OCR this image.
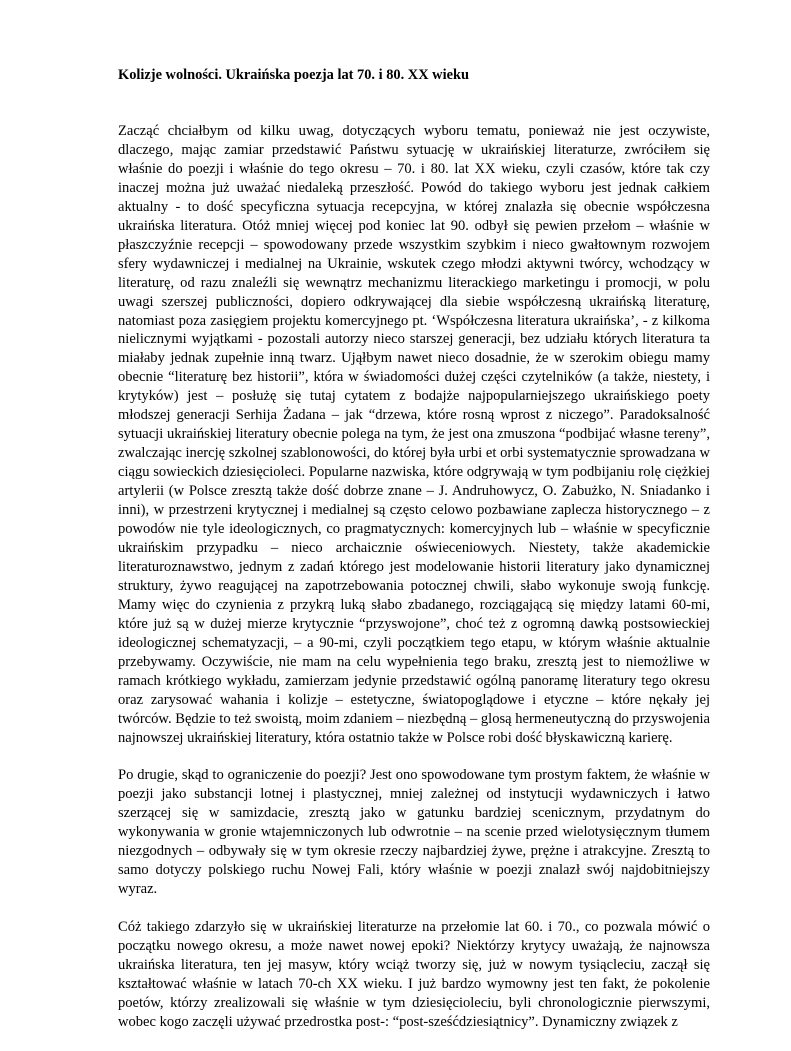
Kolizje wolności. Ukraińska poezja lat 70. i 80. XX wieku

Zacząć chciałbym od kilku uwag, dotyczących wyboru tematu, ponieważ nie jest oczywiste, dlaczego, mając zamiar przedstawić Państwu sytuację w ukraińskiej literaturze, zwróciłem się właśnie do poezji i właśnie do tego okresu – 70. i 80. lat XX wieku, czyli czasów, które tak czy inaczej można już uważać niedaleką przeszłość. Powód do takiego wyboru jest jednak całkiem aktualny - to dość specyficzna sytuacja recepcyjna, w której znalazła się obecnie współczesna ukraińska literatura. Otóż mniej więcej pod koniec lat 90. odbył się pewien przełom – właśnie w płaszczyźnie recepcji – spowodowany przede wszystkim szybkim i nieco gwałtownym rozwojem sfery wydawniczej i medialnej na Ukrainie, wskutek czego młodzi aktywni twórcy, wchodzący w literaturę, od razu znaleźli się wewnątrz mechanizmu literackiego marketingu i promocji, w polu uwagi szerszej publiczności, dopiero odkrywającej dla siebie współczesną ukraińską literaturę, natomiast poza zasięgiem projektu komercyjnego pt. ‘Współczesna literatura ukraińska’, - z kilkoma nielicznymi wyjątkami - pozostali autorzy nieco starszej generacji, bez udziału których literatura ta miałaby jednak zupełnie inną twarz. Ująłbym nawet nieco dosadnie, że w szerokim obiegu mamy obecnie “literaturę bez historii”, która w świadomości dużej części czytelników (a także, niestety, i krytyków) jest – posłużę się tutaj cytatem z bodajże najpopularniejszego ukraińskiego poety młodszej generacji Serhija Żadana – jak “drzewa, które rosną wprost z niczego”. Paradoksalność sytuacji ukraińskiej literatury obecnie polega na tym, że jest ona zmuszona “podbijać własne tereny”, zwalczając inercję szkolnej szablonowości, do której była urbi et orbi systematycznie sprowadzana w ciągu sowieckich dziesięcioleci. Popularne nazwiska, które odgrywają w tym podbijaniu rolę ciężkiej artylerii (w Polsce zresztą także dość dobrze znane – J. Andruhowycz, O. Zabużko, N. Sniadanko i inni), w przestrzeni krytycznej i medialnej są często celowo pozbawiane zaplecza historycznego – z powodów nie tyle ideologicznych, co pragmatycznych: komercyjnych lub – właśnie w specyficznie ukraińskim przypadku – nieco archaicznie oświeceniowych. Niestety, także akademickie literaturoznawstwo, jednym z zadań którego jest modelowanie historii literatury jako dynamicznej struktury, żywo reagującej na zapotrzebowania potocznej chwili, słabo wykonuje swoją funkcję. Mamy więc do czynienia z przykrą luką słabo zbadanego, rozciągającą się między latami 60-mi, które już są w dużej mierze krytycznie “przyswojone”, choć też z ogromną dawką postsowieckiej ideologicznej schematyzacji, – a 90-mi, czyli początkiem tego etapu, w którym właśnie aktualnie przebywamy. Oczywiście, nie mam na celu wypełnienia tego braku, zresztą jest to niemożliwe w ramach krótkiego wykładu, zamierzam jedynie przedstawić ogólną panoramę literatury tego okresu oraz zarysować wahania i kolizje – estetyczne, światopoglądowe i etyczne – które nękały jej twórców. Będzie to też swoistą, moim zdaniem – niezbędną – glosą hermeneutyczną do przyswojenia najnowszej ukraińskiej literatury, która ostatnio także w Polsce robi dość błyskawiczną karierę.

Po drugie, skąd to ograniczenie do poezji? Jest ono spowodowane tym prostym faktem, że właśnie w poezji jako substancji lotnej i plastycznej, mniej zależnej od instytucji wydawniczych i łatwo szerzącej się w samizdacie, zresztą jako w gatunku bardziej scenicznym, przydatnym do wykonywania w gronie wtajemniczonych lub odwrotnie – na scenie przed wielotysięcznym tłumem niezgodnych – odbywały się w tym okresie rzeczy najbardziej żywe, prężne i atrakcyjne. Zresztą to samo dotyczy polskiego ruchu Nowej Fali, który właśnie w poezji znalazł swój najdobitniejszy wyraz.

Cóż takiego zdarzyło się w ukraińskiej literaturze na przełomie lat 60. i 70., co pozwala mówić o początku nowego okresu, a może nawet nowej epoki? Niektórzy krytycy uważają, że najnowsza ukraińska literatura, ten jej masyw, który wciąż tworzy się, już w nowym tysiącleciu, zaczął się kształtować właśnie w latach 70-ch XX wieku. I już bardzo wymowny jest ten fakt, że pokolenie poetów, którzy zrealizowali się właśnie w tym dziesięcioleciu, byli chronologicznie pierwszymi, wobec kogo zaczęli używać przedrostka post-: “post-sześćdziesiątnicy”. Dynamiczny związek z
